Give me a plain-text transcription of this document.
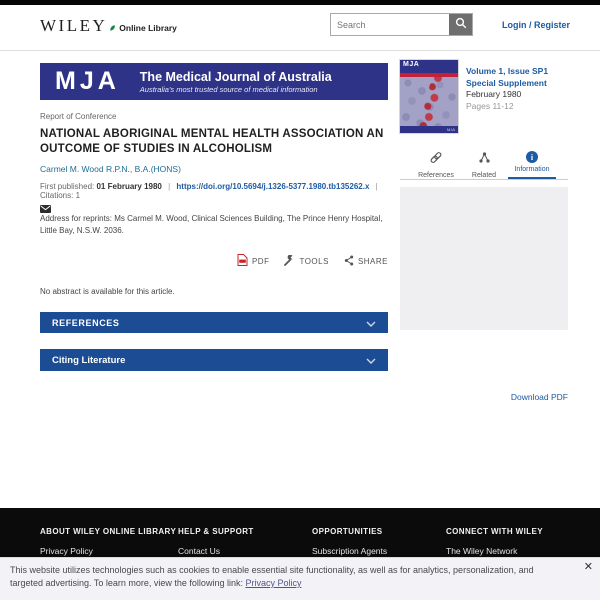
WILEY Online Library
Search	Login / Register
MJA The Medical Journal of Australia
Australia's most trusted source of medical information
Report of Conference
NATIONAL ABORIGINAL MENTAL HEALTH ASSOCIATION AN OUTCOME OF STUDIES IN ALCOHOLISM
Carmel M. Wood R.P.N., B.A.(HONS)
First published: 01 February 1980 | https://doi.org/10.5694/j.1326-5377.1980.tb135262.x | Citations: 1
Address for reprints: Ms Carmel M. Wood, Clinical Sciences Building, The Prince Henry Hospital, Little Bay, N.S.W. 2036.
PDF	TOOLS	SHARE
No abstract is available for this article.
REFERENCES
Citing Literature
MJA
MJA
Volume 1, Issue SP1
Special Supplement
February 1980
Pages 11-12
References	Related
i
Information
Download PDF
ABOUT WILEY ONLINE LIBRARY
Privacy Policy
HELP & SUPPORT
Contact Us
OPPORTUNITIES
Subscription Agents
CONNECT WITH WILEY
The Wiley Network
This website utilizes technologies such as cookies to enable essential site functionality, as well as for analytics, personalization, and targeted advertising. To learn more, view the following link: Privacy Policy
✕
